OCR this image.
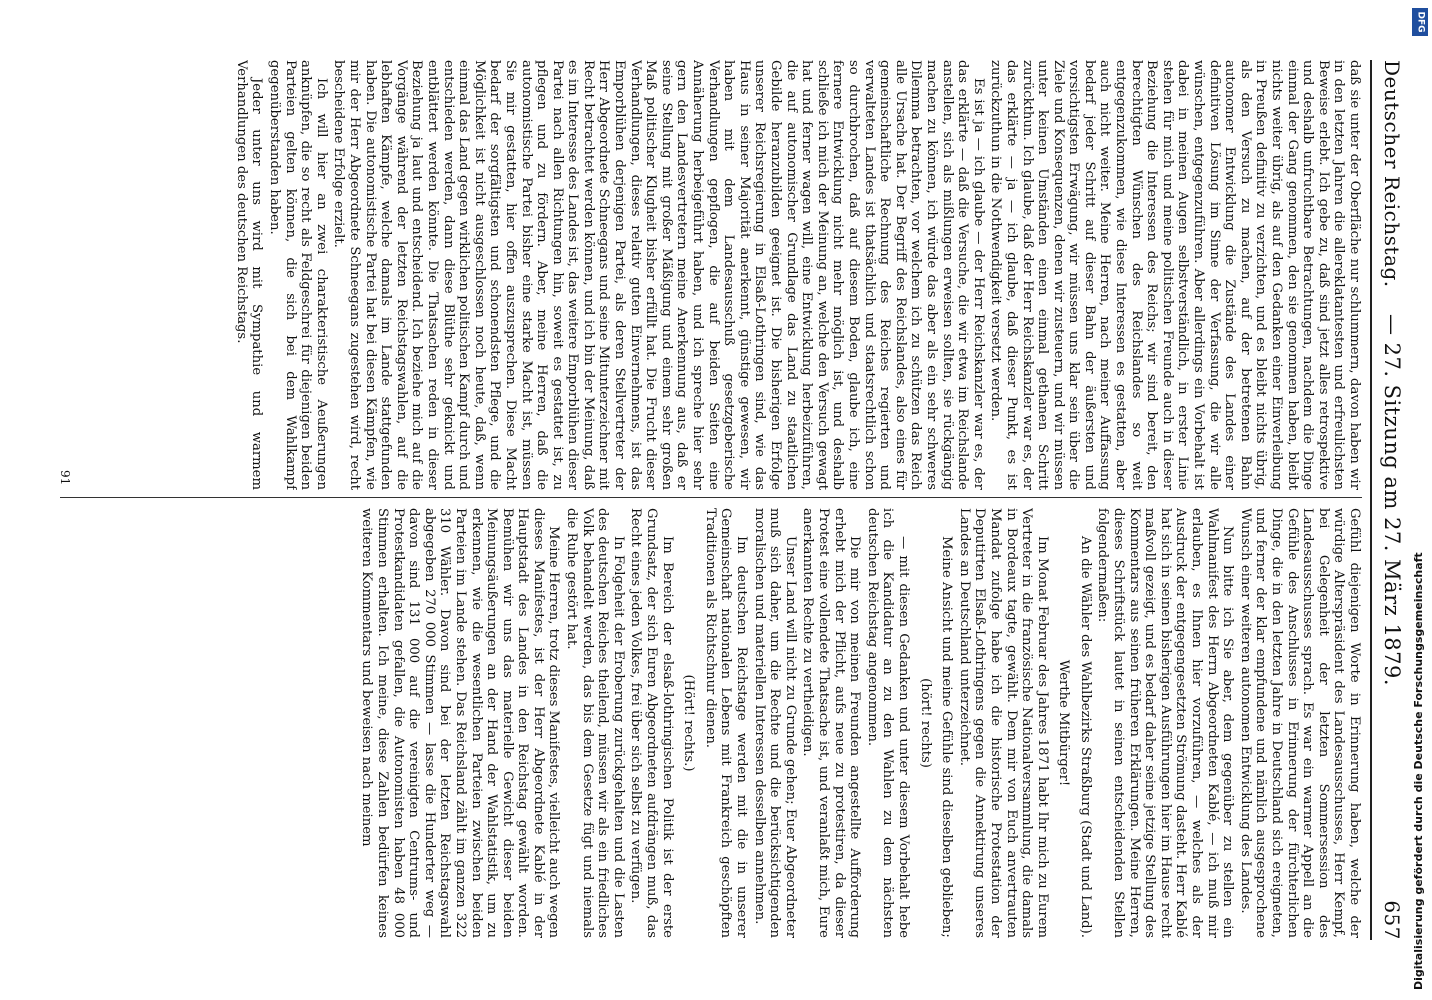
Deutscher Reichstag.
— 27. Sitzung am 27. März 1879.
657

daß sie unter der Oberfläche nur schlummern, davon haben wir in den letzten Jahren die allereklatantesten und erfreulichsten Beweise erlebt. Ich gebe zu, daß sind jetzt alles retrospektive und deshalb unfruchtbare Betrachtungen, nachdem die Dinge einmal der Gang genommen, den sie genommen haben, bleibt nichts weiter übrig, als auf den Gedanken einer Einverleibung in Preußen definitiv zu verzichten, und es bleibt nichts übrig, als den Versuch zu machen, auf der betretenen Bahn autonomer Entwicklung die Zustände des Landes einer definitiven Lösung im Sinne der Verfassung, die wir alle wünschen, entgegenzuführen. Aber allerdings ein Vorbehalt ist dabei in meinen Augen selbstverständlich, in erster Linie stehen für mich und meine politischen Freunde auch in dieser Beziehung die Interessen des Reichs; wir sind bereit, den berechtigten Wünschen des Reichslandes so weit entgegenzukommen, wie diese Interessen es gestatten, aber auch nicht weiter. Meine Herren, nach meiner Auffassung bedarf jeder Schritt auf dieser Bahn der äußersten und vorsichtigsten Erwägung, wir müssen uns klar sein über die Ziele und Konsequenzen, denen wir zusteuern, und wir müssen unter keinen Umständen einen einmal gethanen Schritt zurückthun. Ich glaube, daß der Herr Reichskanzler war es, der das erklärte — ja — ich glaube, daß dieser Punkt, es ist zurückzuthun in die Nothwendigkeit versetzt werden.

Es ist ja — ich glaube — der Herr Reichskanzler war es, der das erklärte — daß die Versuche, die wir etwa im Reichslande anstellen, sich als mißlungen erweisen sollten, sie rückgängig machen zu können, ich würde das aber als ein sehr schweres Dilemma betrachten, vor welchem ich zu schützen das Reich alle Ursache hat. Der Begriff des Reichslandes, also eines für gemeinschaftliche Rechnung des Reiches regierten und verwalteten Landes ist thatsächlich und staatsrechtlich schon so durchbrochen, daß auf diesem Boden, glaube ich, eine fernere Entwicklung nicht mehr möglich ist, und deshalb schließe ich mich der Meinung an, welche den Versuch gewagt hat und ferner wagen will, eine Entwicklung herbeizuführen, die auf autonomischer Grundlage das Land zu staatlichen Gebilde heranzubilden geeignet ist. Die bisherigen Erfolge unserer Reichsregierung in Elsaß-Lothringen sind, wie das Haus in seiner Majorität anerkennt, günstige gewesen, wir haben mit dem Landesausschuß gesetzgeberische Verhandlungen gepflogen, die auf beiden Seiten eine Annäherung herbeigeführt haben, und ich spreche hier sehr gern den Landesvertretern meine Anerkennung aus, daß er seine Stellung mit großer Mäßigung und einem sehr großen Maß politischer Klugheit bisher erfüllt hat. Die Frucht dieser Verhandlungen, dieses relativ guten Einvernehmens, ist das Emporblühen derjenigen Partei, als deren Stellvertreter der Herr Abgeordnete Schneegans und seine Mitunterzeichner mit Recht betrachtet werden können, und ich bin der Meinung, daß es im Interesse des Landes ist, das weitere Emporblühen dieser Partei nach allen Richtungen hin, soweit es gestattet ist, zu pflegen und zu fördern. Aber, meine Herren, daß die autonomistische Partei bisher eine starke Macht ist, müssen Sie mir gestatten, hier offen auszusprechen. Diese Macht bedarf der sorgfältigsten und schonendsten Pflege, und die Möglichkeit ist nicht ausgeschlossen noch heute, daß, wenn einmal das Land gegen wirklichen politischen Kampf durch und entschieden werden, dann diese Blüthe sehr geknickt und entblättert werden könnte. Die Thatsachen reden in dieser Beziehung ja laut und entscheidend. Ich beziehe mich auf die Vorgänge während der letzten Reichstagswahlen, auf die lebhaften Kämpfe, welche damals im Lande stattgefunden haben. Die autonomistische Partei hat bei diesen Kämpfen, wie mir der Herr Abgeordnete Schneegans zugestehen wird, recht bescheidene Erfolge erzielt.

Ich will hier an zwei charakteristische Aeußerungen anknüpfen, die so recht als Feldgeschrei für diejenigen beiden Parteien gelten können, die sich bei dem Wahlkampf gegenüberstanden haben.

Jeder unter uns wird mit Sympathie und warmem Verhandlungen des deutschen Reichstags.

Gefühl diejenigen Worte in Erinnerung haben, welche der würdige Alterspräsident des Landesausschusses, Herr Kempf, bei Gelegenheit der letzten Sommersession des Landesausschusses sprach. Es war ein warmer Appell an die Gefühle des Anschlusses in Erinnerung der fürchterlichen Dinge, die in den letzten Jahre in Deutschland sich ereigneten, und ferner der klar empfundene und nämlich ausgesprochene Wunsch einer weiteren autonomen Entwicklung des Landes.

Nun bitte ich Sie aber, dem gegenüber zu stellen ein Wahlmanifest des Herrn Abgeordneten Kablé, — ich muß mir erlauben, es Ihnen hier vorzuführen, — welches als der Ausdruck der entgegengesetzten Strömung dasteht. Herr Kablé hat sich in seinen bisherigen Ausführungen hier im Hause recht maßvoll gezeigt, und es bedarf daher seine jetzige Stellung des Kommentars aus seinen früheren Erklärungen. Meine Herren, dieses Schriftstück lautet in seinen entscheidenden Stellen folgendermaßen:

An die Wähler des Wahlbezirks Straßburg (Stadt und Land).

Werthe Mitbürger!

Im Monat Februar des Jahres 1871 habt Ihr mich zu Eurem Vertreter in die französische Nationalversammlung, die damals in Bordeaux tagte, gewählt. Dem mir von Euch anvertrauten Mandat zufolge habe ich die historische Protestation der Deputirten Elsaß-Lothringens gegen die Annektirung unseres Landes an Deutschland unterzeichnet.

Meine Ansicht und meine Gefühle sind dieselben geblieben;

(hört! rechts)

— mit diesen Gedanken und unter diesem Vorbehalt hebe ich die Kandidatur an zu den Wahlen zu dem nächsten deutschen Reichstag angenommen.

Die mir von meinen Freunden angestellte Aufforderung erhebt mich der Pflicht, aufs neue zu protestiren, da dieser Protest eine vollendete Thatsache ist, und veranlaßt mich, Eure anerkannten Rechte zu vertheidigen.

Unser Land will nicht zu Grunde gehen; Euer Abgeordneter muß sich daher, um die Rechte und die berücksichtigenden moralischen und materiellen Interessen desselben annehmen.

Im deutschen Reichstage werden mit die in unserer Gemeinschaft nationalen Lebens mit Frankreich geschöpften Traditionen als Richtschnur dienen.

(Hört! rechts.)

Im Bereich der elsaß-lothringischen Politik ist der erste Grundsatz, der sich Euren Abgeordneten aufdrängen muß, das Recht eines jeden Volkes, frei über sich selbst zu verfügen.

In Folgeheit der Eroberung zurückgehalten und die Lasten des deutschen Reiches theilend, müssen wir als ein friedliches Volk behandelt werden, das bis dem Gesetze fügt und niemals die Ruhe gestört hat.

Meine Herren, trotz dieses Manifestes, vielleicht auch wegen dieses Manifestes, ist der Herr Abgeordnete Kablé in der Hauptstadt des Landes in den Reichstag gewählt worden. Bemühen wir uns das materielle Gewicht dieser beiden Meinungsäußerungen an der Hand der Wahlstatistik, um zu erkennen, wie die wesentlichen Parteien zwischen beiden Parteien im Lande stehen. Das Reichsland zählt im ganzen 322 310 Wähler. Davon sind bei der letzten Reichstagswahl abgegeben 270 000 Stimmen — lasse die Hunderter weg — davon sind 131 000 auf die vereinigten Centrums- und Protestkandidaten gefallen, die Autonomisten haben 48 000 Stimmen erhalten. Ich meine, diese Zahlen bedürfen keines weiteren Kommentars und beweisen nach meinem

91
Digitalisierung gefördert durch die Deutsche Forschungsgemeinschaft
DFG
